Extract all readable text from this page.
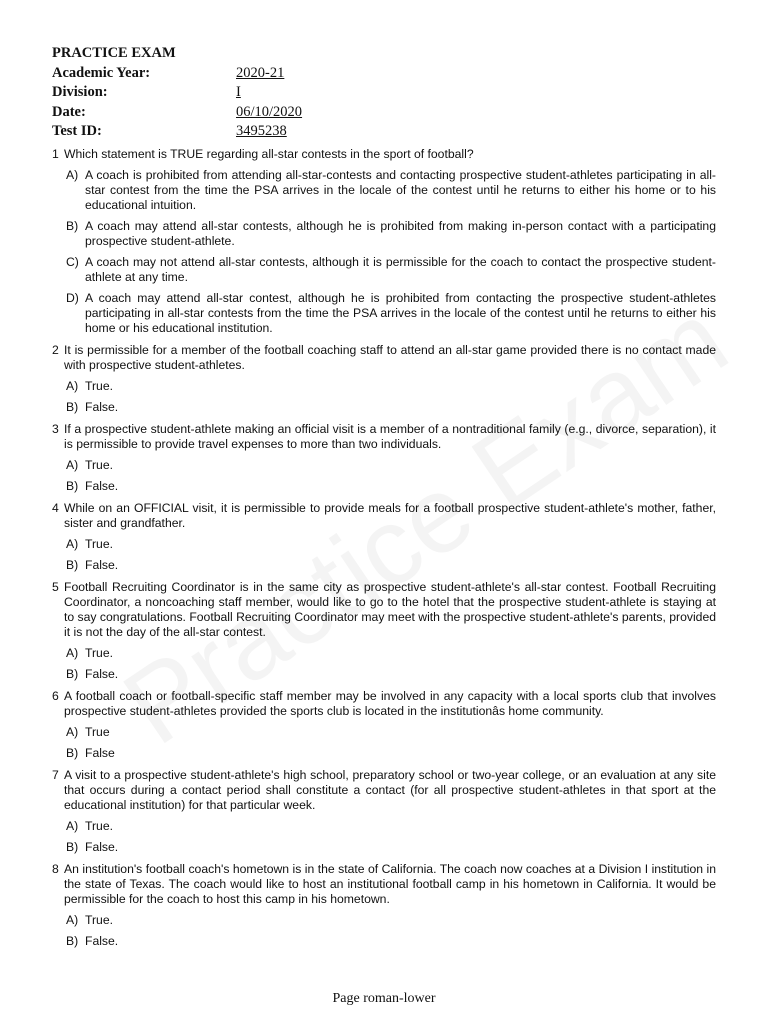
PRACTICE EXAM
Academic Year:	2020-21
Division:	I
Date:	06/10/2020
Test ID:	3495238
1 Which statement is TRUE regarding all-star contests in the sport of football?
A) A coach is prohibited from attending all-star-contests and contacting prospective student-athletes participating in all-star contest from the time the PSA arrives in the locale of the contest until he returns to either his home or to his educational intuition.
B) A coach may attend all-star contests, although he is prohibited from making in-person contact with a participating prospective student-athlete.
C) A coach may not attend all-star contests, although it is permissible for the coach to contact the prospective student-athlete at any time.
D) A coach may attend all-star contest, although he is prohibited from contacting the prospective student-athletes participating in all-star contests from the time the PSA arrives in the locale of the contest until he returns to either his home or his educational institution.
2 It is permissible for a member of the football coaching staff to attend an all-star game provided there is no contact made with prospective student-athletes.
A) True.
B) False.
3 If a prospective student-athlete making an official visit is a member of a nontraditional family (e.g., divorce, separation), it is permissible to provide travel expenses to more than two individuals.
A) True.
B) False.
4 While on an OFFICIAL visit, it is permissible to provide meals for a football prospective student-athlete's mother, father, sister and grandfather.
A) True.
B) False.
5 Football Recruiting Coordinator is in the same city as prospective student-athlete's all-star contest. Football Recruiting Coordinator, a noncoaching staff member, would like to go to the hotel that the prospective student-athlete is staying at to say congratulations. Football Recruiting Coordinator may meet with the prospective student-athlete's parents, provided it is not the day of the all-star contest.
A) True.
B) False.
6 A football coach or football-specific staff member may be involved in any capacity with a local sports club that involves prospective student-athletes provided the sports club is located in the institutionâs home community.
A) True
B) False
7 A visit to a prospective student-athlete's high school, preparatory school or two-year college, or an evaluation at any site that occurs during a contact period shall constitute a contact (for all prospective student-athletes in that sport at the educational institution) for that particular week.
A) True.
B) False.
8 An institution's football coach's hometown is in the state of California. The coach now coaches at a Division I institution in the state of Texas. The coach would like to host an institutional football camp in his hometown in California. It would be permissible for the coach to host this camp in his hometown.
A) True.
B) False.
Page roman-lower
